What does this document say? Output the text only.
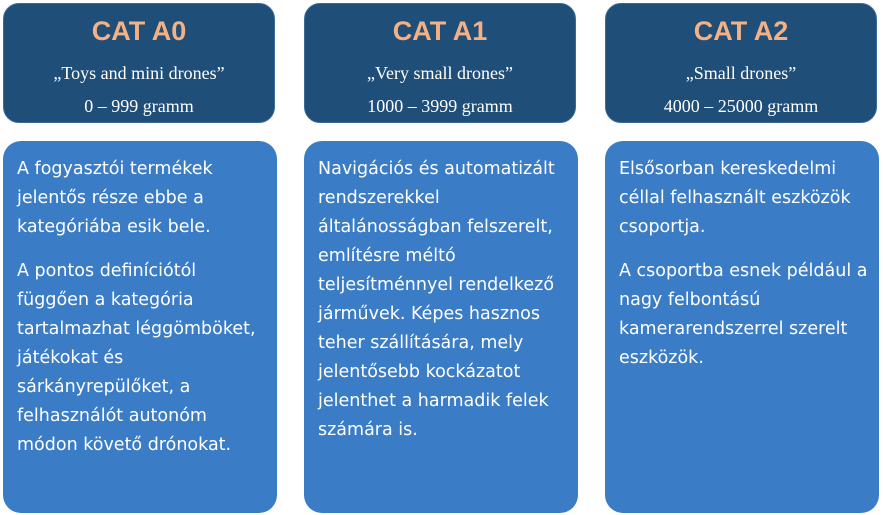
CAT A0
„Toys and mini drones”
0 – 999 gramm

A fogyasztói termékek jelentős része ebbe a kategóriába esik bele.

A pontos definíciótól függően a kategória tartalmazhat léggömböket, játékokat és sárkányrepülőket, a felhasználót autonóm módon követő drónokat.

CAT A1
„Very small drones”
1000 – 3999 gramm

Navigációs és automatizált rendszerekkel általánosságban felszerelt, említésre méltó teljesítménnyel rendelkező járművek. Képes hasznos teher szállítására, mely jelentősebb kockázatot jelenthet a harmadik felek számára is.

CAT A2
„Small drones”
4000 – 25000 gramm

Elsősorban kereskedelmi céllal felhasznált eszközök csoportja.

A csoportba esnek például a nagy felbontású kamerarendszerrel szerelt eszközök.
